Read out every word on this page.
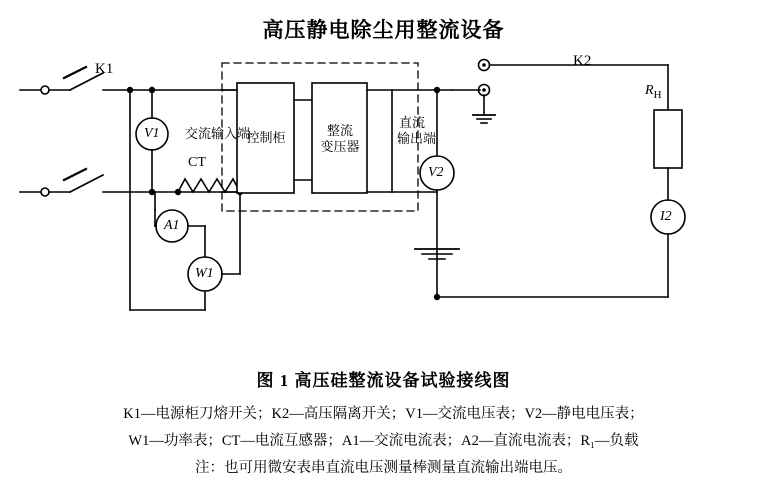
高压静电除尘用整流设备
K1	K2
V1
V2
A1
W1
I2
CT
$R_H$
交流输入端
控制柜	整流
变压器
直流
输出端
图 1 高压硅整流设备试验接线图
K1—电源柜刀熔开关；K2—高压隔离开关；V1—交流电压表；V2—静电电压表；
W1—功率表；CT—电流互感器；A1—交流电流表；A2—直流电流表；R₁—负载
注：也可用微安表串直流电压测量棒测量直流输出端电压。
